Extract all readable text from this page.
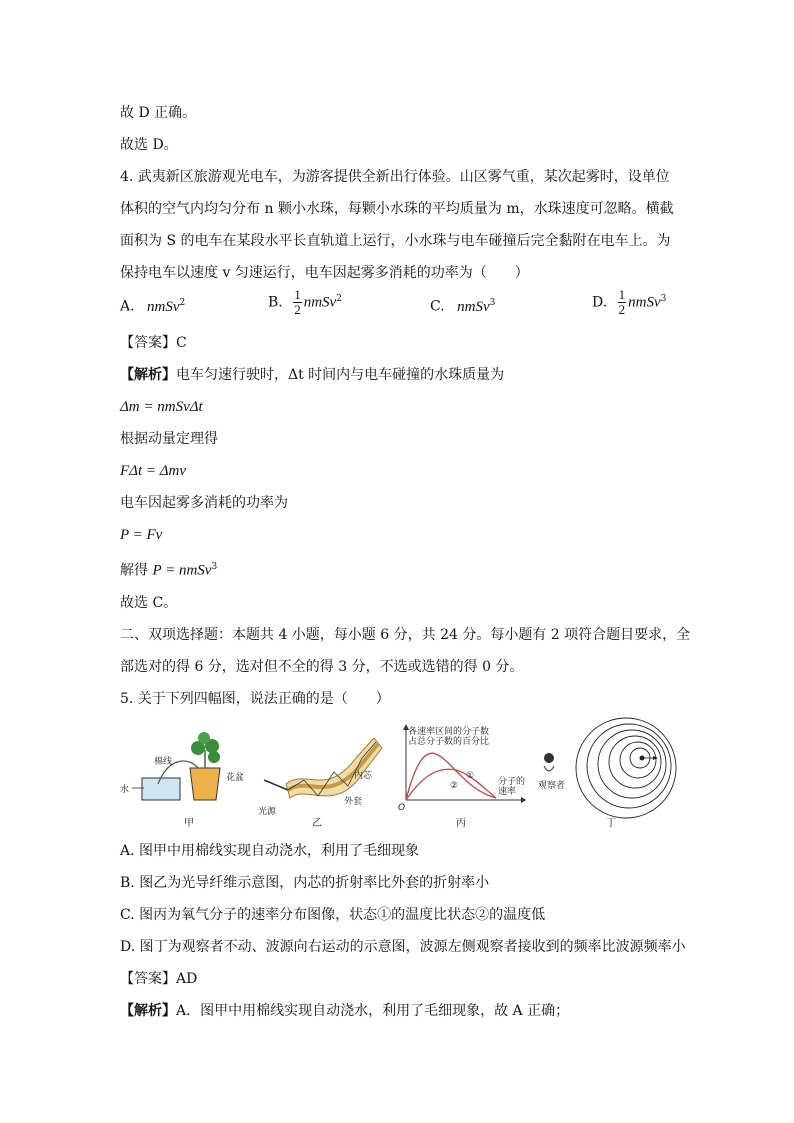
故 D 正确。
故选 D。
4. 武夷新区旅游观光电车，为游客提供全新出行体验。山区雾气重，某次起雾时，设单位
体积的空气内均匀分布 n 颗小水珠，每颗小水珠的平均质量为 m，水珠速度可忽略。横截
面积为 S 的电车在某段水平长直轨道上运行，小水珠与电车碰撞后完全黏附在电车上。为
保持电车以速度 v 匀速运行，电车因起雾多消耗的功率为（　　）
A. nmSv$^2$	B. $\frac{1}{2}$ nmSv$^2$	C. nmSv$^3$	D. $\frac{1}{2}$ nmSv$^3$
【答案】C
【解析】电车匀速行驶时，Δt 时间内与电车碰撞的水珠质量为
Δm = nmSvΔt
根据动量定理得
FΔt = Δmv
电车因起雾多消耗的功率为
P = Fv
解得 P = nmSv$^3$
故选 C。
二、双项选择题：本题共 4 小题，每小题 6 分，共 24 分。每小题有 2 项符合题目要求，全
部选对的得 6 分，选对但不全的得 3 分，不选或选错的得 0 分。
5. 关于下列四幅图，说法正确的是（　　）
棉线
花盆
水
甲
光源
内芯
外套
乙
各速率区间的分子数
占总分子数的百分比
分子的
速率
O
①
②
丙
观察者
丁
A. 图甲中用棉线实现自动浇水，利用了毛细现象
B. 图乙为光导纤维示意图，内芯的折射率比外套的折射率小
C. 图丙为氧气分子的速率分布图像，状态①的温度比状态②的温度低
D. 图丁为观察者不动、波源向右运动的示意图，波源左侧观察者接收到的频率比波源频率小
【答案】AD
【解析】A．图甲中用棉线实现自动浇水，利用了毛细现象，故 A 正确；
